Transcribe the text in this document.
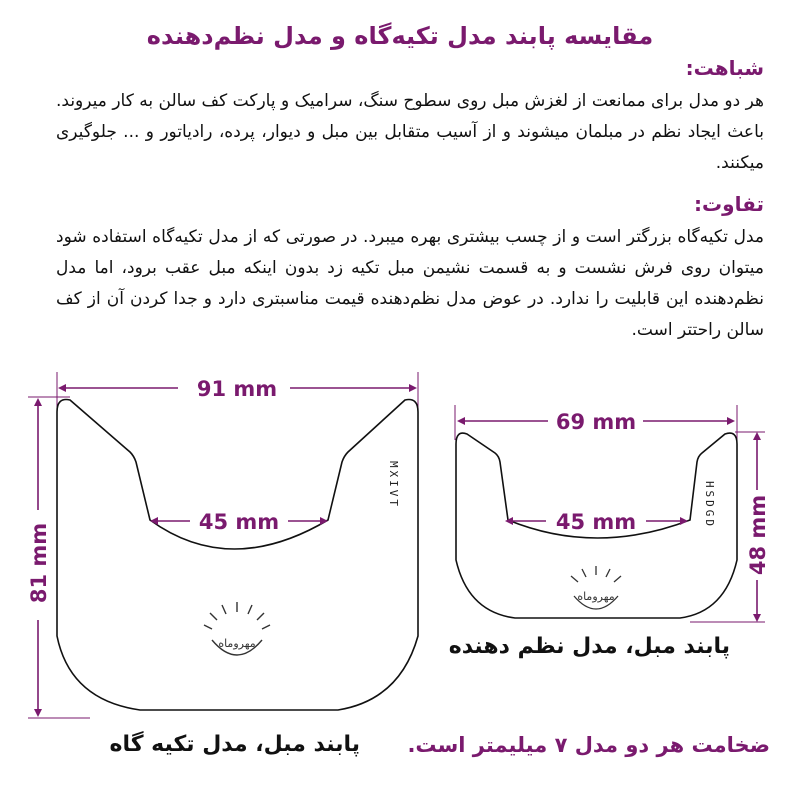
مقایسه پابند مدل تکیه‌گاه و مدل نظم‌دهنده
شباهت:
هر دو مدل برای ممانعت از لغزش مبل روی سطوح سنگ، سرامیک و پارکت کف سالن به کار میروند. باعث ایجاد نظم در مبلمان میشوند و از آسیب متقابل بین مبل و دیوار، پرده، رادیاتور و ... جلوگیری میکنند.
تفاوت:
مدل تکیه‌گاه بزرگتر است و از چسب بیشتری بهره میبرد. در صورتی که از مدل تکیه‌گاه استفاده شود میتوان روی فرش نشست و به قسمت نشیمن مبل تکیه زد بدون اینکه مبل عقب برود، اما مدل نظم‌دهنده این قابلیت را ندارد. در عوض مدل نظم‌دهنده قیمت مناسبتری دارد و جدا کردن آن از کف سالن راحتتر است.
91 mm
45 mm
81 mm
MXIVT
مهروماه
69 mm
45 mm	48 mm
HSDGD
مهروماه
پابند مبل، مدل نظم دهنده
پابند مبل، مدل تکیه گاه ضخامت هر دو مدل ۷ میلیمتر است.
